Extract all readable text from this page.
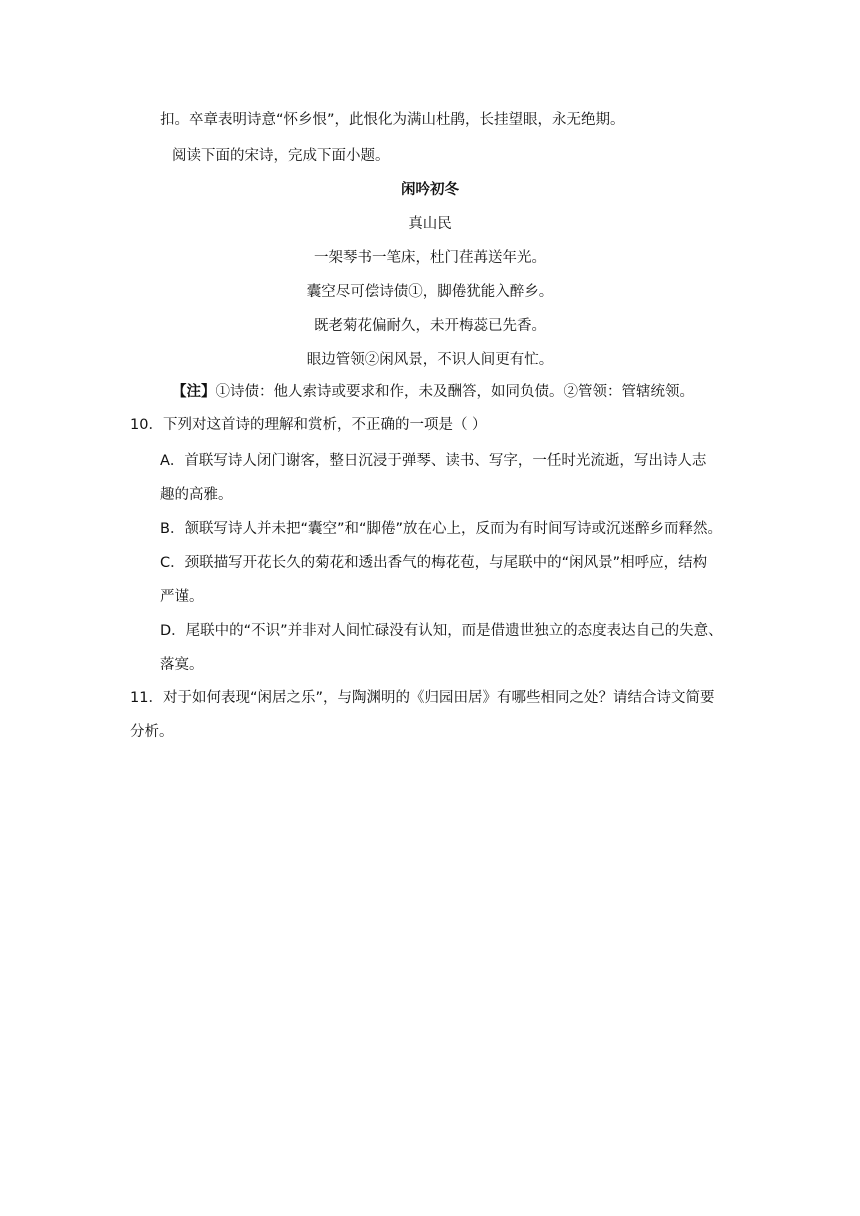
扣。卒章表明诗意“怀乡恨”，此恨化为满山杜鹃，长挂望眼，永无绝期。
阅读下面的宋诗，完成下面小题。
闲吟初冬
真山民
一架琴书一笔床，杜门荏苒送年光。
囊空尽可偿诗债①，脚倦犹能入醉乡。
既老菊花偏耐久，未开梅蕊已先香。
眼边管领②闲风景，不识人间更有忙。
【注】①诗债：他人索诗或要求和作，未及酬答，如同负债。②管领：管辖统领。
10．下列对这首诗的理解和赏析，不正确的一项是（ ）
A．首联写诗人闭门谢客，整日沉浸于弹琴、读书、写字，一任时光流逝，写出诗人志
趣的高雅。
B．颔联写诗人并未把“囊空”和“脚倦”放在心上，反而为有时间写诗或沉迷醉乡而释然。
C．颈联描写开花长久的菊花和透出香气的梅花苞，与尾联中的“闲风景”相呼应，结构
严谨。
D．尾联中的“不识”并非对人间忙碌没有认知，而是借遗世独立的态度表达自己的失意、
落寞。
11．对于如何表现“闲居之乐”，与陶渊明的《归园田居》有哪些相同之处？请结合诗文简要
分析。
